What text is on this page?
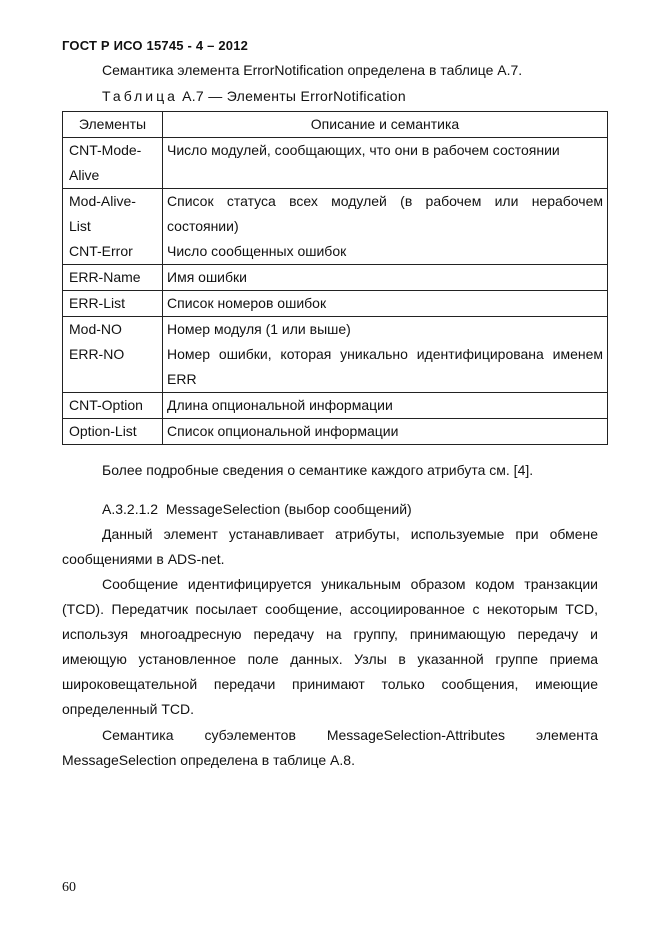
ГОСТ Р ИСО 15745 - 4 – 2012
Семантика элемента ErrorNotification определена в таблице А.7.
Таблица А.7 — Элементы ErrorNotification
Элементы	Описание и семантика
CNT-Mode-Alive	Число модулей, сообщающих, что они в рабочем состоянии
Mod-Alive-List	Список статуса всех модулей (в рабочем или нерабочем состоянии)
CNT-Error	Число сообщенных ошибок
ERR-Name	Имя ошибки
ERR-List	Список номеров ошибок
Mod-NO	Номер модуля (1 или выше)
ERR-NO	Номер ошибки, которая уникально идентифицирована именем ERR
CNT-Option	Длина опциональной информации
Option-List	Список опциональной информации
Более подробные сведения о семантике каждого атрибута см. [4].
А.3.2.1.2 MessageSelection (выбор сообщений)

Данный элемент устанавливает атрибуты, используемые при обмене сообщениями в ADS-net.

Сообщение идентифицируется уникальным образом кодом транзакции (TCD). Передатчик посылает сообщение, ассоциированное с некоторым TCD, используя многоадресную передачу на группу, принимающую передачу и имеющую установленное поле данных. Узлы в указанной группе приема широковещательной передачи принимают только сообщения, имеющие определенный TCD.

Семантика субэлементов MessageSelection-Attributes элемента MessageSelection определена в таблице А.8.

60
